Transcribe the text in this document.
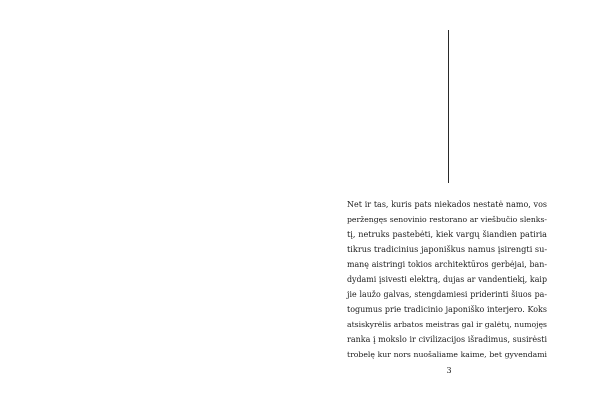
Net ir tas, kuris pats niekados nestatė namo, vos
peržengęs senovinio restorano ar viešbučio slenks-
tį, netruks pastebėti, kiek vargų šiandien patiria
tikrus tradicinius japoniškus namus įsirengti su-
manę aistringi tokios architektūros gerbėjai, ban-
dydami įsivesti elektrą, dujas ar vandentiekį, kaip
jie laužo galvas, stengdamiesi priderinti šiuos pa-
togumus prie tradicinio japoniško interjero. Koks
atsiskyrėlis arbatos meistras gal ir galėtų, numojęs
ranka į mokslo ir civilizacijos išradimus, susirėsti
trobelę kur nors nuošaliame kaime, bet gyvendami
3
